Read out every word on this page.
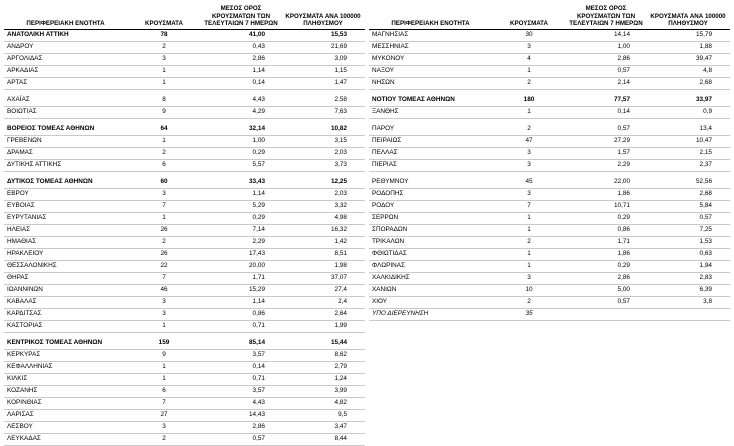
ΠΕΡΙΦΕΡΕΙΑΚΗ ΕΝΟΤΗΤΑ	ΚΡΟΥΣΜΑΤΑ	ΜΕΣΟΣ ΟΡΟΣ ΚΡΟΥΣΜΑΤΩΝ ΤΩΝ ΤΕΛΕΥΤΑΙΩΝ 7 ΗΜΕΡΩΝ	ΚΡΟΥΣΜΑΤΑ ΑΝΑ 100000 ΠΛΗΘΥΣΜΟΥ
ΑΝΑΤΟΛΙΚΗ ΑΤΤΙΚΗ	78	41,00	15,53
ΑΝΔΡΟΥ	2	0,43	21,69
ΑΡΓΟΛΙΔΑΣ	3	2,86	3,09
ΑΡΚΑΔΙΑΣ	1	1,14	1,15
ΑΡΤΑΣ	1	0,14	1,47

ΑΧΑΪΑΣ	8	4,43	2,58
ΒΟΙΩΤΙΑΣ	9	4,29	7,63

ΒΟΡΕΙΟΣ ΤΟΜΕΑΣ ΑΘΗΝΩΝ	64	32,14	10,82
ΓΡΕΒΕΝΩΝ	1	1,00	3,15
ΔΡΑΜΑΣ	2	0,29	2,03
ΔΥΤΙΚΗΣ ΑΤΤΙΚΗΣ	6	5,57	3,73

ΔΥΤΙΚΟΣ ΤΟΜΕΑΣ ΑΘΗΝΩΝ	60	33,43	12,25
ΕΒΡΟΥ	3	1,14	2,03
ΕΥΒΟΙΑΣ	7	5,29	3,32
ΕΥΡΥΤΑΝΙΑΣ	1	0,29	4,98
ΗΛΕΙΑΣ	26	7,14	16,32
ΗΜΑΘΙΑΣ	2	2,29	1,42
ΗΡΑΚΛΕΙΟΥ	26	17,43	8,51
ΘΕΣΣΑΛΟΝΙΚΗΣ	22	20,00	1,98
ΘΗΡΑΣ	7	1,71	37,07
ΙΩΑΝΝΙΝΩΝ	46	15,29	27,4
ΚΑΒΑΛΑΣ	3	1,14	2,4
ΚΑΡΔΙΤΣΑΣ	3	0,86	2,64
ΚΑΣΤΟΡΙΑΣ	1	0,71	1,99

ΚΕΝΤΡΙΚΟΣ ΤΟΜΕΑΣ ΑΘΗΝΩΝ	159	85,14	15,44
ΚΕΡΚΥΡΑΣ	9	3,57	8,62
ΚΕΦΑΛΛΗΝΙΑΣ	1	0,14	2,79
ΚΙΛΚΙΣ	1	0,71	1,24
ΚΟΖΑΝΗΣ	6	3,57	3,99
ΚΟΡΙΝΘΙΑΣ	7	4,43	4,82
ΛΑΡΙΣΑΣ	27	14,43	9,5
ΛΕΣΒΟΥ	3	2,86	3,47
ΛΕΥΚΑΔΑΣ	2	0,57	8,44
ΠΕΡΙΦΕΡΕΙΑΚΗ ΕΝΟΤΗΤΑ	ΚΡΟΥΣΜΑΤΑ	ΜΕΣΟΣ ΟΡΟΣ ΚΡΟΥΣΜΑΤΩΝ ΤΩΝ ΤΕΛΕΥΤΑΙΩΝ 7 ΗΜΕΡΩΝ	ΚΡΟΥΣΜΑΤΑ ΑΝΑ 100000 ΠΛΗΘΥΣΜΟΥ
ΜΑΓΝΗΣΙΑΣ	30	14,14	15,79
ΜΕΣΣΗΝΙΑΣ	3	1,00	1,88
ΜΥΚΟΝΟΥ	4	2,86	39,47
ΝΑΞΟΥ	1	0,57	4,8
ΝΗΣΩΝ	2	2,14	2,68

ΝΟΤΙΟΥ ΤΟΜΕΑΣ ΑΘΗΝΩΝ	180	77,57	33,97
ΞΑΝΘΗΣ	1	0,14	0,9

ΠΑΡΟΥ	2	0,57	13,4
ΠΕΙΡΑΙΩΣ	47	27,29	10,47
ΠΕΛΛΑΣ	3	1,57	2,15
ΠΙΕΡΙΑΣ	3	2,29	2,37

ΡΕΘΥΜΝΟΥ	45	22,00	52,56
ΡΟΔΟΠΗΣ	3	1,86	2,68
ΡΟΔΟΥ	7	10,71	5,84
ΣΕΡΡΩΝ	1	0,29	0,57
ΣΠΟΡΑΔΩΝ	1	0,86	7,25
ΤΡΙΚΑΛΩΝ	2	1,71	1,53
ΦΘΙΩΤΙΔΑΣ	1	1,86	0,63
ΦΛΩΡΙΝΑΣ	1	0,29	1,94
ΧΑΛΚΙΔΙΚΗΣ	3	2,86	2,83
ΧΑΝΙΩΝ	10	5,00	6,39
ΧΙΟΥ	2	0,57	3,8
ΥΠΟ ΔΙΕΡΕΥΝΗΣΗ	35		
